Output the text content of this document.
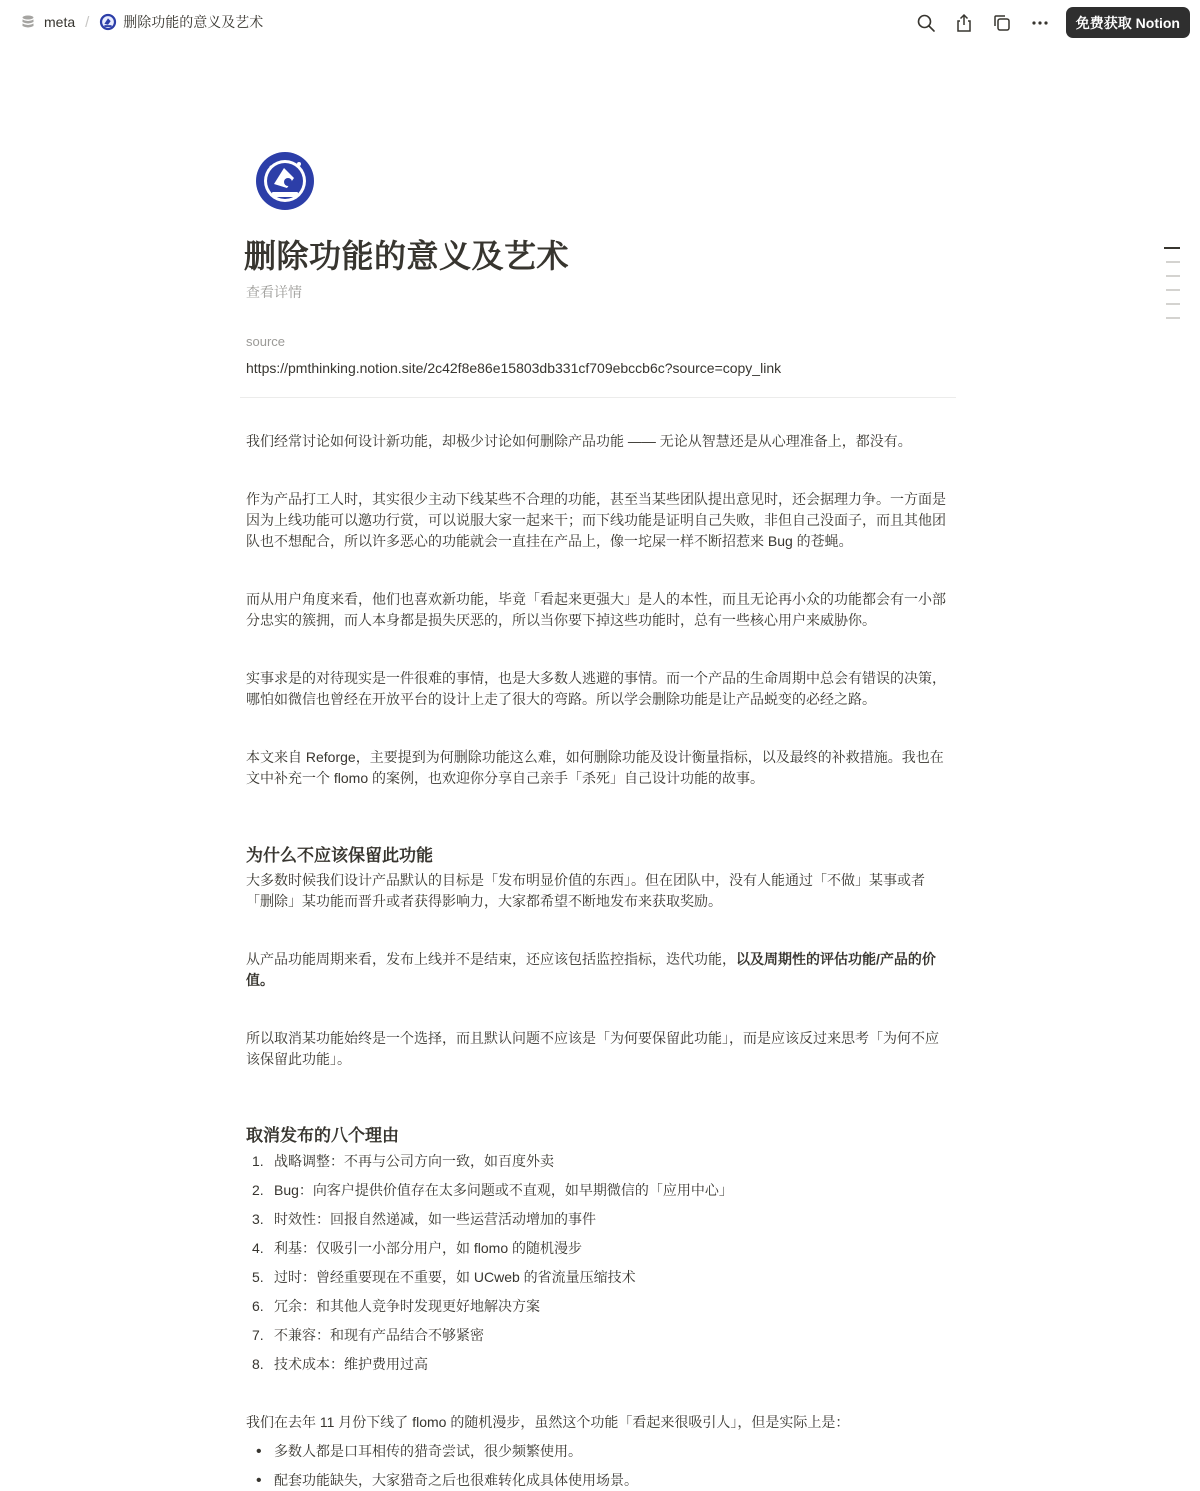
meta / 删除功能的意义及艺术	免费获取 Notion
删除功能的意义及艺术
查看详情
source
https://pmthinking.notion.site/2c42f8e86e15803db331cf709ebccb6c?source=copy_link
我们经常讨论如何设计新功能，却极少讨论如何删除产品功能 —— 无论从智慧还是从心理准备上，都没有。
作为产品打工人时，其实很少主动下线某些不合理的功能，甚至当某些团队提出意见时，还会据理力争。一方面是
因为上线功能可以邀功行赏，可以说服大家一起来干；而下线功能是证明自己失败，非但自己没面子，而且其他团
队也不想配合，所以许多恶心的功能就会一直挂在产品上，像一坨屎一样不断招惹来 Bug 的苍蝇。
而从用户角度来看，他们也喜欢新功能，毕竟「看起来更强大」是人的本性，而且无论再小众的功能都会有一小部
分忠实的簇拥，而人本身都是损失厌恶的，所以当你要下掉这些功能时，总有一些核心用户来威胁你。
实事求是的对待现实是一件很难的事情，也是大多数人逃避的事情。而一个产品的生命周期中总会有错误的决策，
哪怕如微信也曾经在开放平台的设计上走了很大的弯路。所以学会删除功能是让产品蜕变的必经之路。
本文来自 Reforge，主要提到为何删除功能这么难，如何删除功能及设计衡量指标，以及最终的补救措施。我也在
文中补充一个 flomo 的案例，也欢迎你分享自己亲手「杀死」自己设计功能的故事。
为什么不应该保留此功能
大多数时候我们设计产品默认的目标是「发布明显价值的东西」。但在团队中，没有人能通过「不做」某事或者
「删除」某功能而晋升或者获得影响力，大家都希望不断地发布来获取奖励。
从产品功能周期来看，发布上线并不是结束，还应该包括监控指标，迭代功能，以及周期性的评估功能/产品的价
值。
所以取消某功能始终是一个选择，而且默认问题不应该是「为何要保留此功能」，而是应该反过来思考「为何不应
该保留此功能」。
取消发布的八个理由
1. 战略调整：不再与公司方向一致，如百度外卖
2. Bug：向客户提供价值存在太多问题或不直观，如早期微信的「应用中心」
3. 时效性：回报自然递减，如一些运营活动增加的事件
4. 利基：仅吸引一小部分用户，如 flomo 的随机漫步
5. 过时：曾经重要现在不重要，如 UCweb 的省流量压缩技术
6. 冗余：和其他人竞争时发现更好地解决方案
7. 不兼容：和现有产品结合不够紧密
8. 技术成本：维护费用过高
我们在去年 11 月份下线了 flomo 的随机漫步，虽然这个功能「看起来很吸引人」，但是实际上是：
• 多数人都是口耳相传的猎奇尝试，很少频繁使用。
• 配套功能缺失，大家猎奇之后也很难转化成具体使用场景。
